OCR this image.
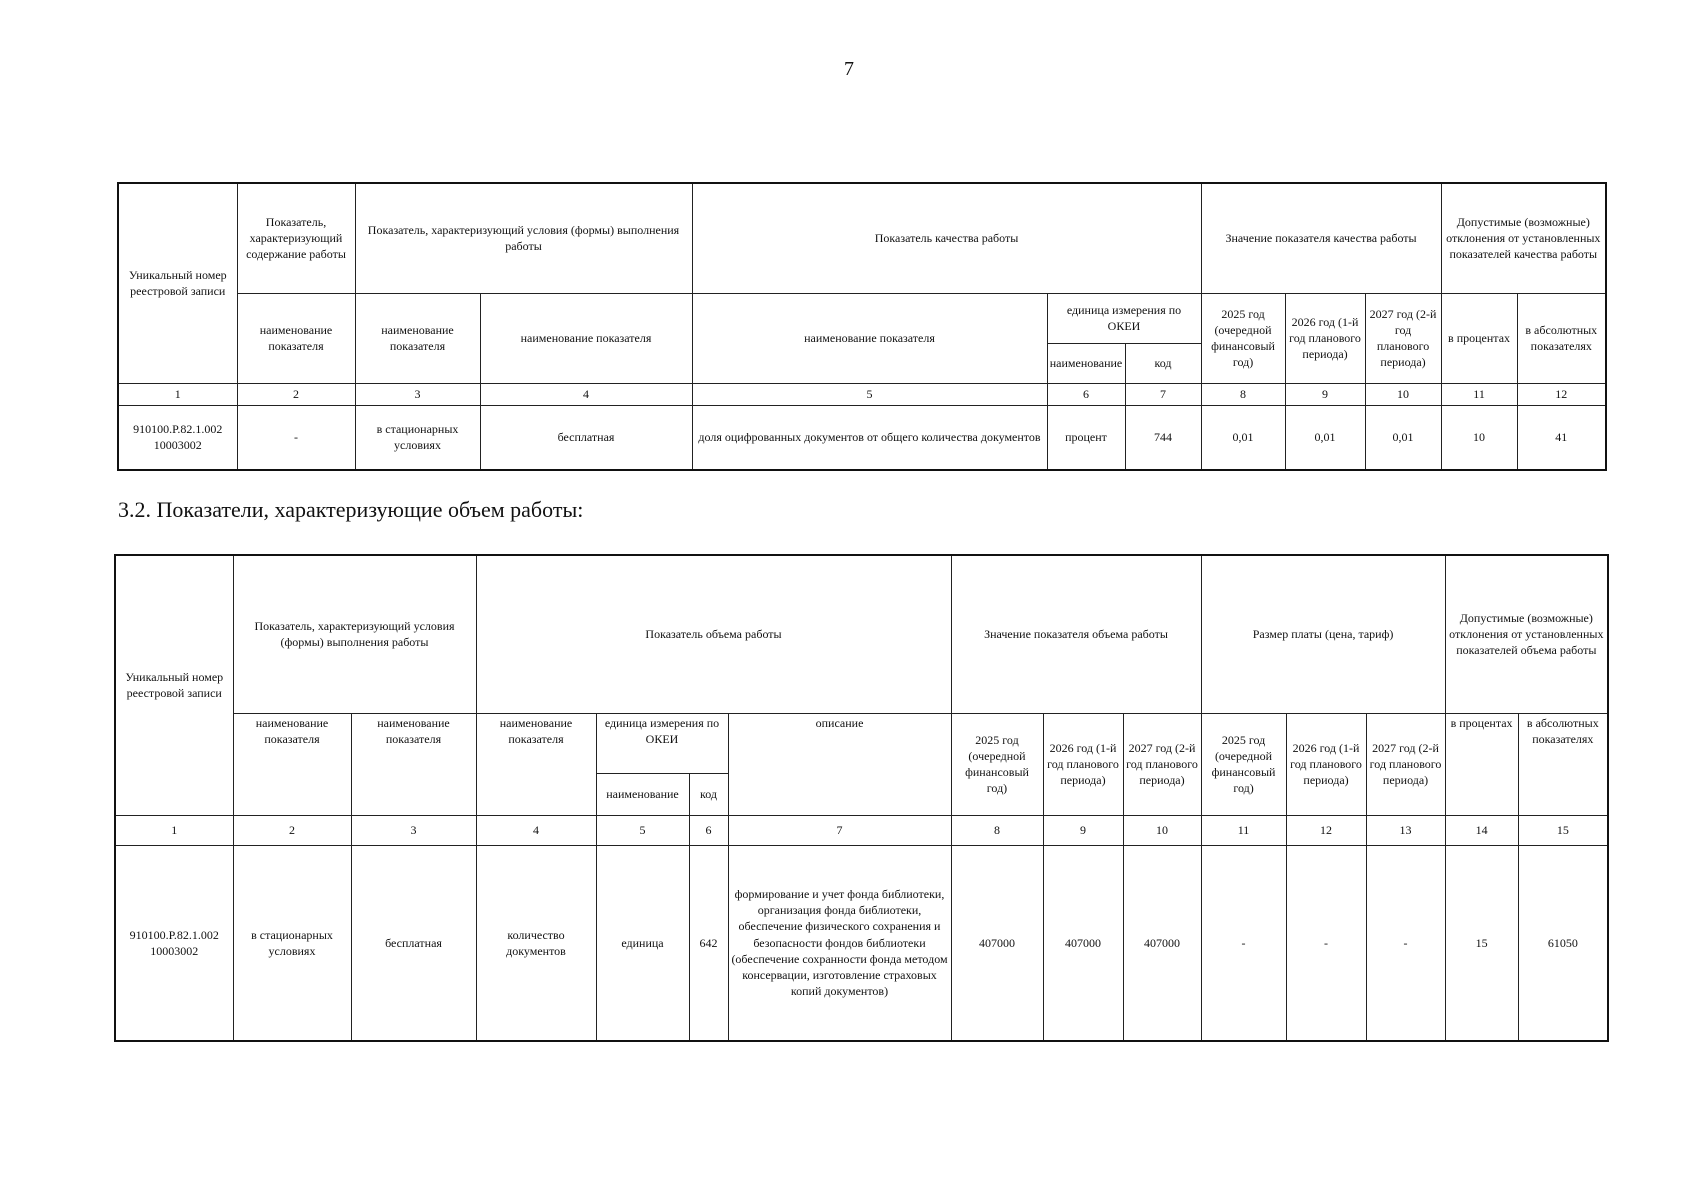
7
Уникальный номер реестровой записи	Показатель, характеризующий содержание работы	Показатель, характеризующий условия (формы) выполнения работы		Показатель качества работы			Значение показателя качества работы			Допустимые (возможные) отклонения от установленных показателей качества работы	
	наименование показателя	наименование показателя	наименование показателя	наименование показателя	единица измерения по ОКЕИ		2025 год (очередной финансовый год)	2026 год (1-й год планового периода)	2027 год (2-й год планового периода)	в процентах	в абсолютных показателях
					наименование	код					
1	2	3	4	5	6	7	8	9	10	11	12
910100.Р.82.1.002 10003002	-	в стационарных условиях	бесплатная	доля оцифрованных документов от общего количества документов	процент	744	0,01	0,01	0,01	10	41
3.2. Показатели, характеризующие объем работы:
Уникальный номер реестровой записи	Показатель, характеризующий условия (формы) выполнения работы		Показатель объема работы				Значение показателя объема работы			Размер платы (цена, тариф)			Допустимые (возможные) отклонения от установленных показателей объема работы	
	наименование показателя	наименование показателя	наименование показателя	единица измерения по ОКЕИ		описание	2025 год (очередной финансовый год)	2026 год (1-й год планового периода)	2027 год (2-й год планового периода)	2025 год (очередной финансовый год)	2026 год (1-й год планового периода)	2027 год (2-й год планового периода)	в процентах	в абсолютных показателях
				наименование	код									
1	2	3	4	5	6	7	8	9	10	11	12	13	14	15
910100.Р.82.1.002 10003002	в стационарных условиях	бесплатная	количество документов	единица	642	формирование и учет фонда библиотеки, организация фонда библиотеки, обеспечение физического сохранения и безопасности фондов библиотеки (обеспечение сохранности фонда методом консервации, изготовление страховых копий документов)	407000	407000	407000	-	-	-	15	61050
